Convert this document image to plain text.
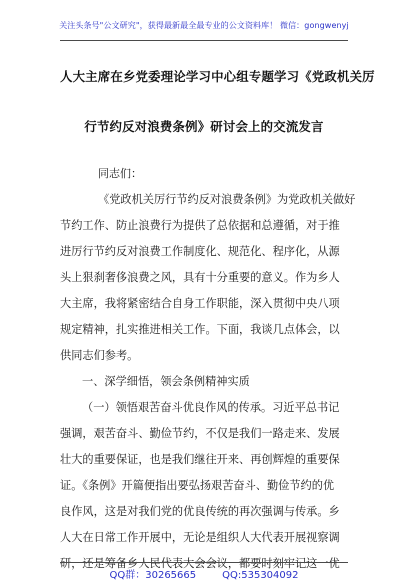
关注头条号"公文研究"，获得最新最全最专业的公文资料库！ 微信：gongwenyj
人大主席在乡党委理论学习中心组专题学习《党政机关厉
行节约反对浪费条例》研讨会上的交流发言
同志们：
《党政机关厉行节约反对浪费条例》为党政机关做好
节约工作、防止浪费行为提供了总依据和总遵循，对于推
进厉行节约反对浪费工作制度化、规范化、程序化，从源
头上狠刹奢侈浪费之风，具有十分重要的意义。作为乡人
大主席，我将紧密结合自身工作职能，深入贯彻中央八项
规定精神，扎实推进相关工作。下面，我谈几点体会，以
供同志们参考。
一、深学细悟，领会条例精神实质
（一）领悟艰苦奋斗优良作风的传承。习近平总书记
强调，艰苦奋斗、勤俭节约，不仅是我们一路走来、发展
壮大的重要保证，也是我们继往开来、再创辉煌的重要保
证。《条例》开篇便指出要弘扬艰苦奋斗、勤俭节约的优
良作风，这是对我们党的优良传统的再次强调与传承。乡
人大在日常工作开展中，无论是组织人大代表开展视察调
研，还是筹备乡人民代表大会会议，都要时刻牢记这一优
QQ群：30265665	QQ:535304092
